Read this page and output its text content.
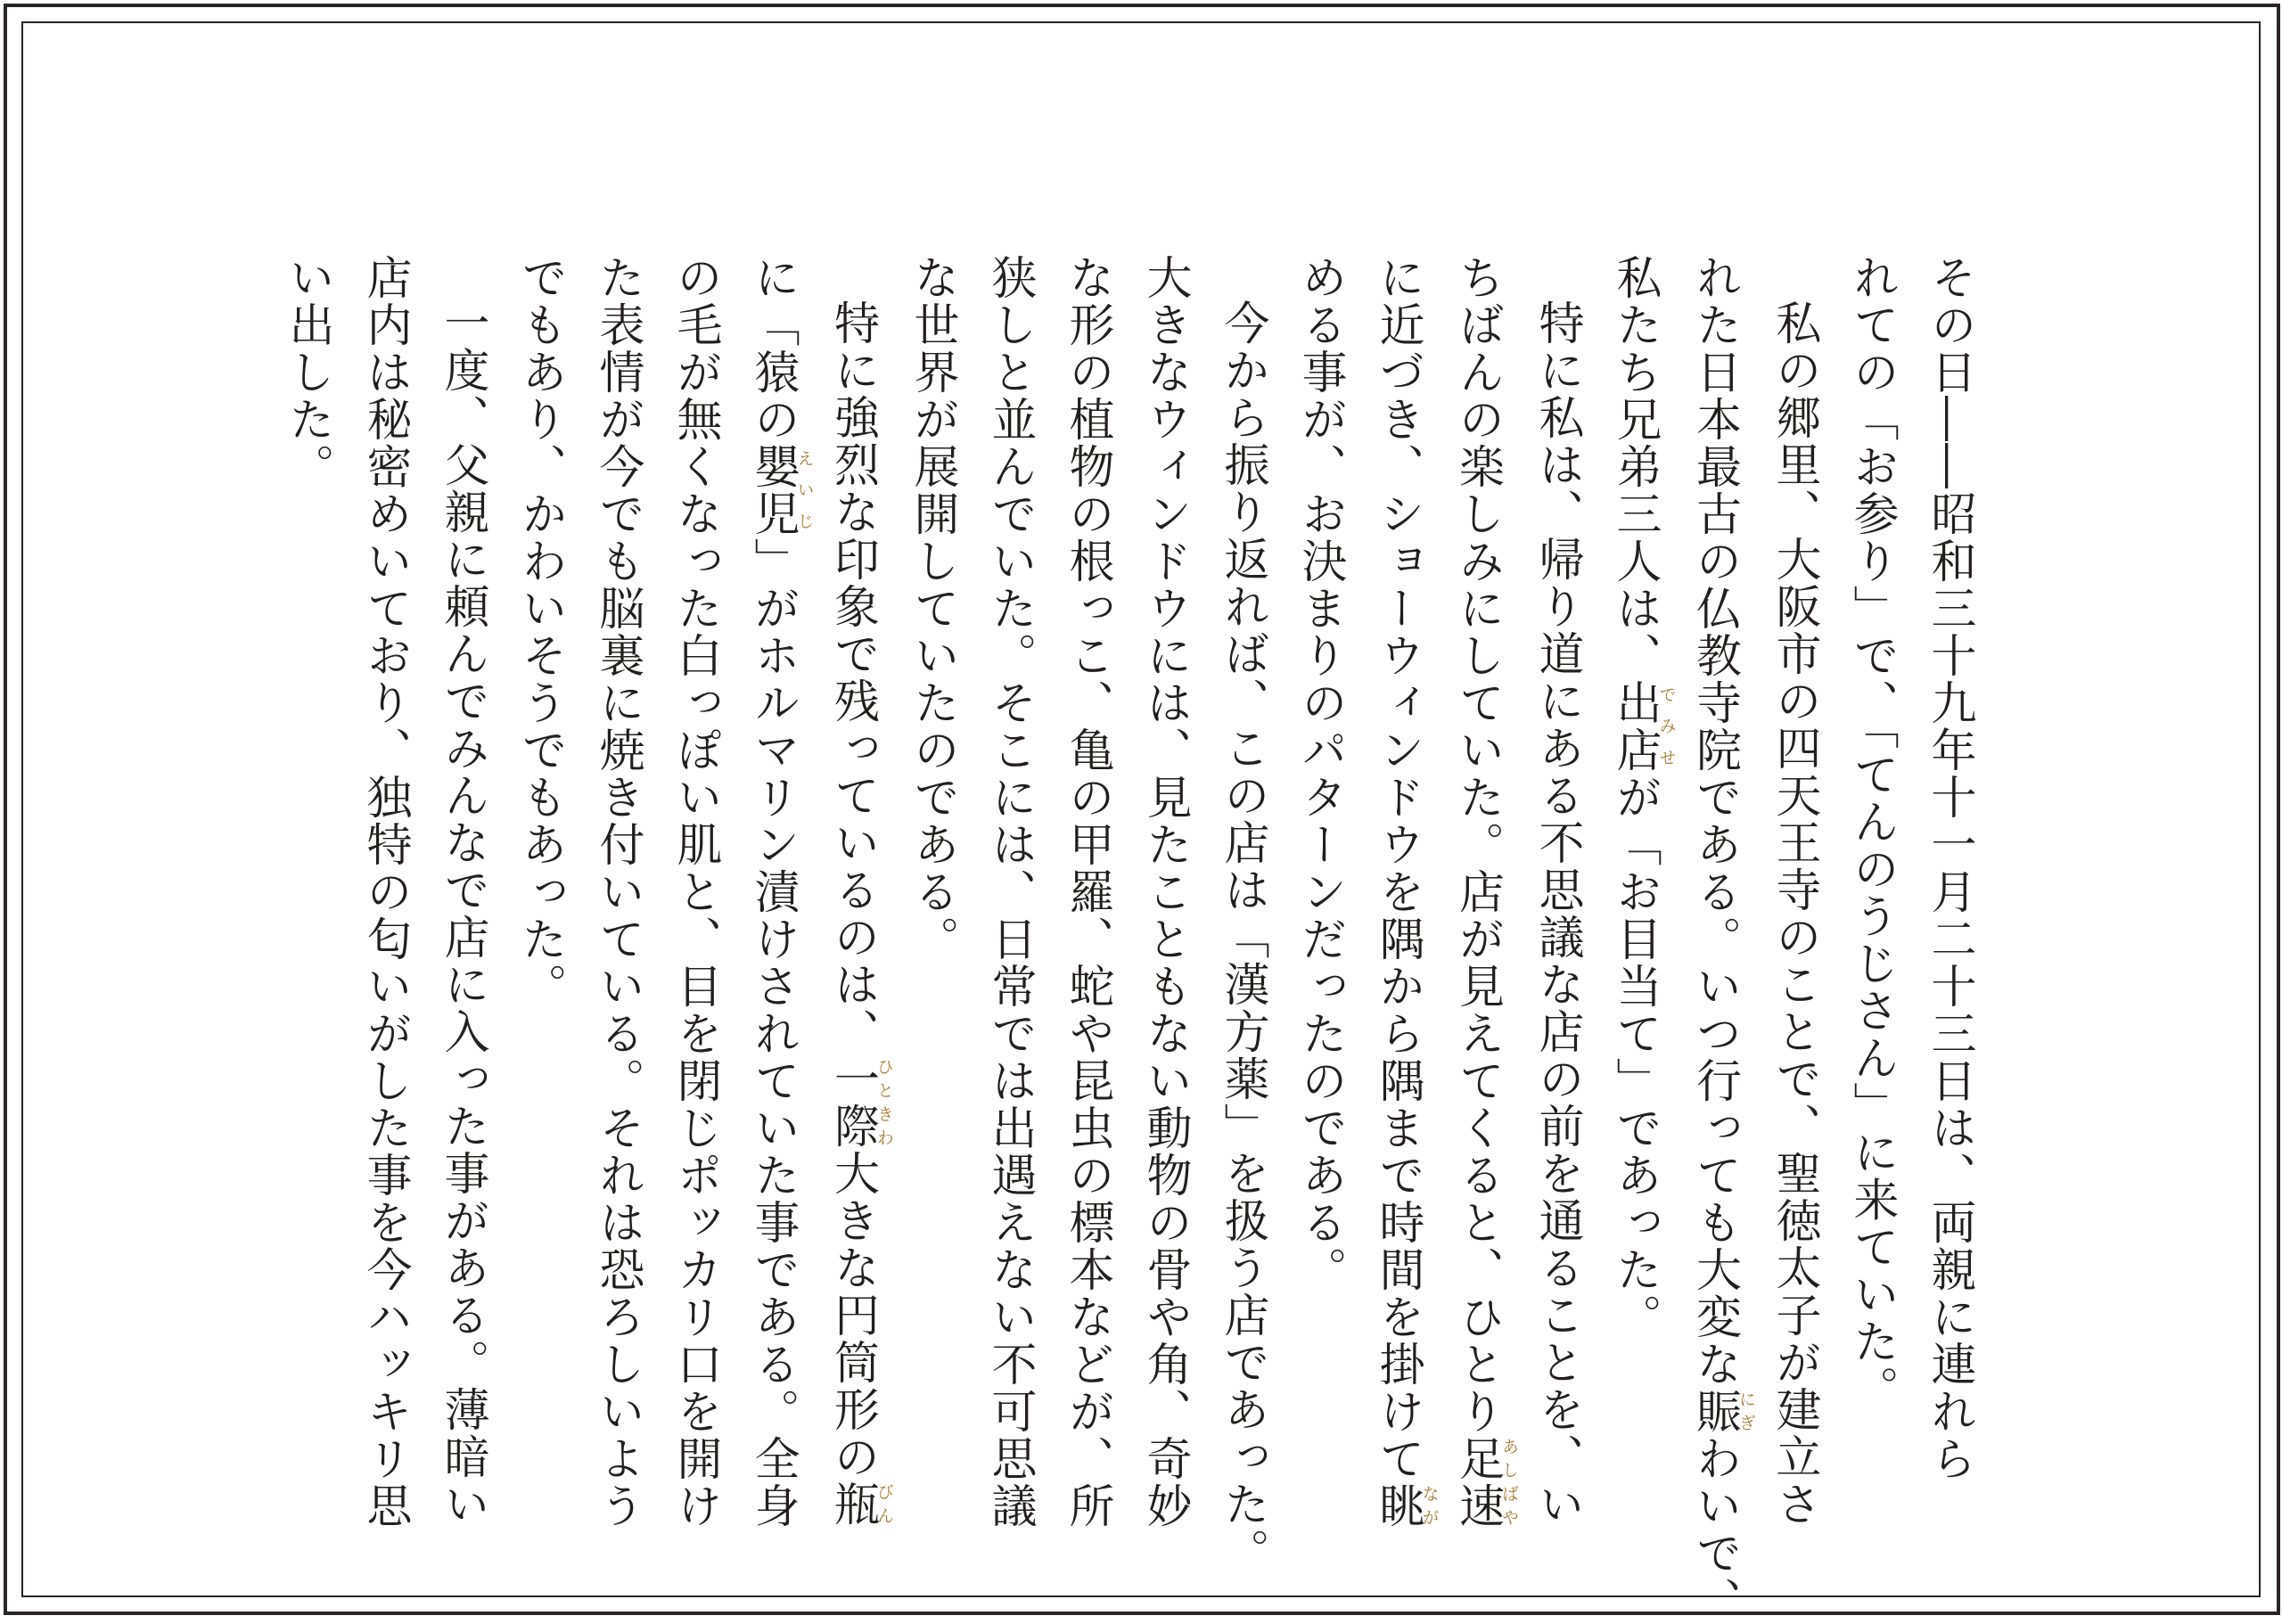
その日――昭和三十九年十一月二十三日は、両親に連れら

れての「お参り」で、「てんのうじさん」に来ていた。

私の郷里、大阪市の四天王寺のことで、聖徳太子が建立さ

れた日本最古の仏教寺院である。いつ行っても大変な賑にぎわいで、

私たち兄弟三人は、出店でみせが「お目当て」であった。

特に私は、帰り道にある不思議な店の前を通ることを、い

ちばんの楽しみにしていた。店が見えてくると、ひとり足速あしばや

に近づき、ショーウィンドウを隅から隅まで時間を掛けて眺なが

める事が、お決まりのパターンだったのである。

今から振り返れば、この店は「漢方薬」を扱う店であった。

大きなウィンドウには、見たこともない動物の骨や角、奇妙

な形の植物の根っこ、亀の甲羅、蛇や昆虫の標本などが、所

狭しと並んでいた。そこには、日常では出遇えない不可思議

な世界が展開していたのである。

特に強烈な印象で残っているのは、一際ひときわ大きな円筒形の瓶びん

に「猿の嬰児えいじ」がホルマリン漬けされていた事である。全身

の毛が無くなった白っぽい肌と、目を閉じポッカリ口を開け

た表情が今でも脳裏に焼き付いている。それは恐ろしいよう

でもあり、かわいそうでもあった。

一度、父親に頼んでみんなで店に入った事がある。薄暗い

店内は秘密めいており、独特の匂いがした事を今ハッキリ思

い出した。
